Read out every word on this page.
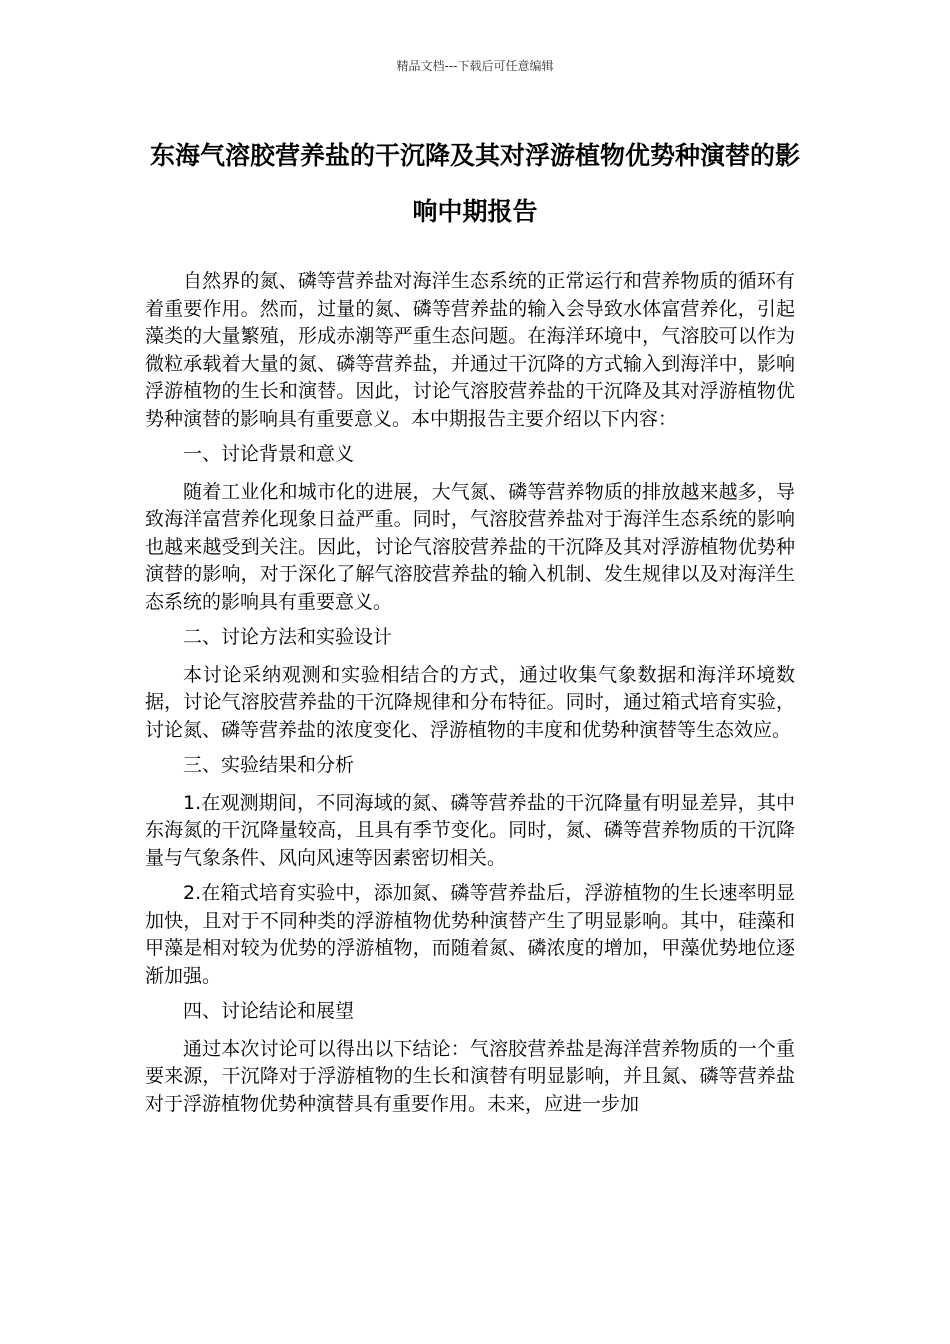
精品文档---下载后可任意编辑
东海气溶胶营养盐的干沉降及其对浮游植物优势种演替的影响中期报告

自然界的氮、磷等营养盐对海洋生态系统的正常运行和营养物质的循环有着重要作用。然而，过量的氮、磷等营养盐的输入会导致水体富营养化，引起藻类的大量繁殖，形成赤潮等严重生态问题。在海洋环境中，气溶胶可以作为微粒承载着大量的氮、磷等营养盐，并通过干沉降的方式输入到海洋中，影响浮游植物的生长和演替。因此，讨论气溶胶营养盐的干沉降及其对浮游植物优势种演替的影响具有重要意义。本中期报告主要介绍以下内容：

一、讨论背景和意义

随着工业化和城市化的进展，大气氮、磷等营养物质的排放越来越多，导致海洋富营养化现象日益严重。同时，气溶胶营养盐对于海洋生态系统的影响也越来越受到关注。因此，讨论气溶胶营养盐的干沉降及其对浮游植物优势种演替的影响，对于深化了解气溶胶营养盐的输入机制、发生规律以及对海洋生态系统的影响具有重要意义。

二、讨论方法和实验设计

本讨论采纳观测和实验相结合的方式，通过收集气象数据和海洋环境数据，讨论气溶胶营养盐的干沉降规律和分布特征。同时，通过箱式培育实验，讨论氮、磷等营养盐的浓度变化、浮游植物的丰度和优势种演替等生态效应。

三、实验结果和分析

1.在观测期间，不同海域的氮、磷等营养盐的干沉降量有明显差异，其中东海氮的干沉降量较高，且具有季节变化。同时，氮、磷等营养物质的干沉降量与气象条件、风向风速等因素密切相关。

2.在箱式培育实验中，添加氮、磷等营养盐后，浮游植物的生长速率明显加快，且对于不同种类的浮游植物优势种演替产生了明显影响。其中，硅藻和甲藻是相对较为优势的浮游植物，而随着氮、磷浓度的增加，甲藻优势地位逐渐加强。

四、讨论结论和展望

通过本次讨论可以得出以下结论：气溶胶营养盐是海洋营养物质的一个重要来源，干沉降对于浮游植物的生长和演替有明显影响，并且氮、磷等营养盐对于浮游植物优势种演替具有重要作用。未来，应进一步加
